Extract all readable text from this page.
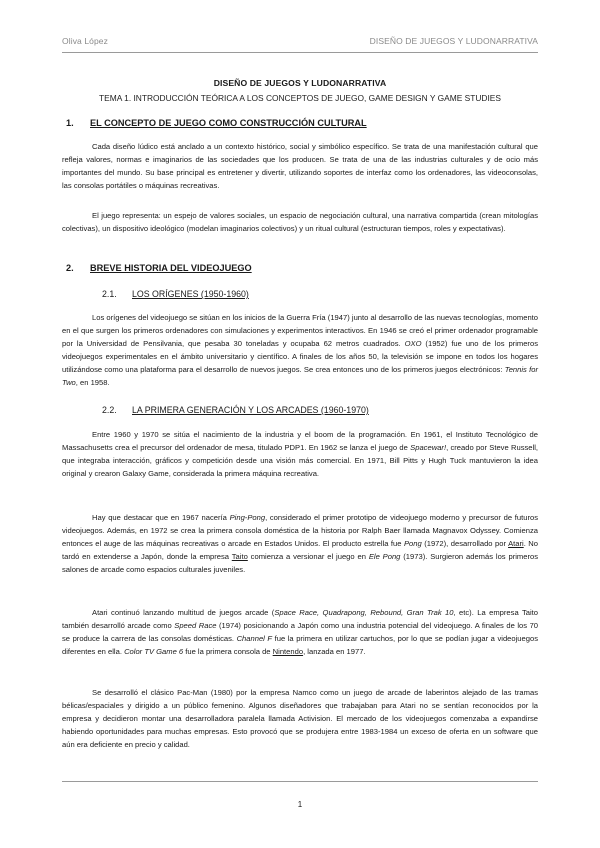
Oliva López	DISEÑO DE JUEGOS Y LUDONARRATIVA
DISEÑO DE JUEGOS Y LUDONARRATIVA
TEMA 1. INTRODUCCIÓN TEÓRICA A LOS CONCEPTOS DE JUEGO, GAME DESIGN Y GAME STUDIES
1. EL CONCEPTO DE JUEGO COMO CONSTRUCCIÓN CULTURAL
Cada diseño lúdico está anclado a un contexto histórico, social y simbólico específico. Se trata de una manifestación cultural que refleja valores, normas e imaginarios de las sociedades que los producen. Se trata de una de las industrias culturales y de ocio más importantes del mundo. Su base principal es entretener y divertir, utilizando soportes de interfaz como los ordenadores, las videoconsolas, las consolas portátiles o máquinas recreativas.
El juego representa: un espejo de valores sociales, un espacio de negociación cultural, una narrativa compartida (crean mitologías colectivas), un dispositivo ideológico (modelan imaginarios colectivos) y un ritual cultural (estructuran tiempos, roles y expectativas).
2. BREVE HISTORIA DEL VIDEOJUEGO
2.1. LOS ORÍGENES (1950-1960)
Los orígenes del videojuego se sitúan en los inicios de la Guerra Fría (1947) junto al desarrollo de las nuevas tecnologías, momento en el que surgen los primeros ordenadores con simulaciones y experimentos interactivos. En 1946 se creó el primer ordenador programable por la Universidad de Pensilvania, que pesaba 30 toneladas y ocupaba 62 metros cuadrados. OXO (1952) fue uno de los primeros videojuegos experimentales en el ámbito universitario y científico. A finales de los años 50, la televisión se impone en todos los hogares utilizándose como una plataforma para el desarrollo de nuevos juegos. Se crea entonces uno de los primeros juegos electrónicos: Tennis for Two, en 1958.
2.2. LA PRIMERA GENERACIÓN Y LOS ARCADES (1960-1970)
Entre 1960 y 1970 se sitúa el nacimiento de la industria y el boom de la programación. En 1961, el Instituto Tecnológico de Massachusetts crea el precursor del ordenador de mesa, titulado PDP1. En 1962 se lanza el juego de Spacewar!, creado por Steve Russell, que integraba interacción, gráficos y competición desde una visión más comercial. En 1971, Bill Pitts y Hugh Tuck mantuvieron la idea original y crearon Galaxy Game, considerada la primera máquina recreativa.
Hay que destacar que en 1967 nacería Ping-Pong, considerado el primer prototipo de videojuego moderno y precursor de futuros videojuegos. Además, en 1972 se crea la primera consola doméstica de la historia por Ralph Baer llamada Magnavox Odyssey. Comienza entonces el auge de las máquinas recreativas o arcade en Estados Unidos. El producto estrella fue Pong (1972), desarrollado por Atari. No tardó en extenderse a Japón, donde la empresa Taito comienza a versionar el juego en Ele Pong (1973). Surgieron además los primeros salones de arcade como espacios culturales juveniles.
Atari continuó lanzando multitud de juegos arcade (Space Race, Quadrapong, Rebound, Gran Trak 10, etc). La empresa Taito también desarrolló arcade como Speed Race (1974) posicionando a Japón como una industria potencial del videojuego. A finales de los 70 se produce la carrera de las consolas domésticas. Channel F fue la primera en utilizar cartuchos, por lo que se podían jugar a videojuegos diferentes en ella. Color TV Game 6 fue la primera consola de Nintendo, lanzada en 1977.
Se desarrolló el clásico Pac-Man (1980) por la empresa Namco como un juego de arcade de laberintos alejado de las tramas bélicas/espaciales y dirigido a un público femenino. Algunos diseñadores que trabajaban para Atari no se sentían reconocidos por la empresa y decidieron montar una desarrolladora paralela llamada Activision. El mercado de los videojuegos comenzaba a expandirse habiendo oportunidades para muchas empresas. Esto provocó que se produjera entre 1983-1984 un exceso de oferta en un software que aún era deficiente en precio y calidad.
1
